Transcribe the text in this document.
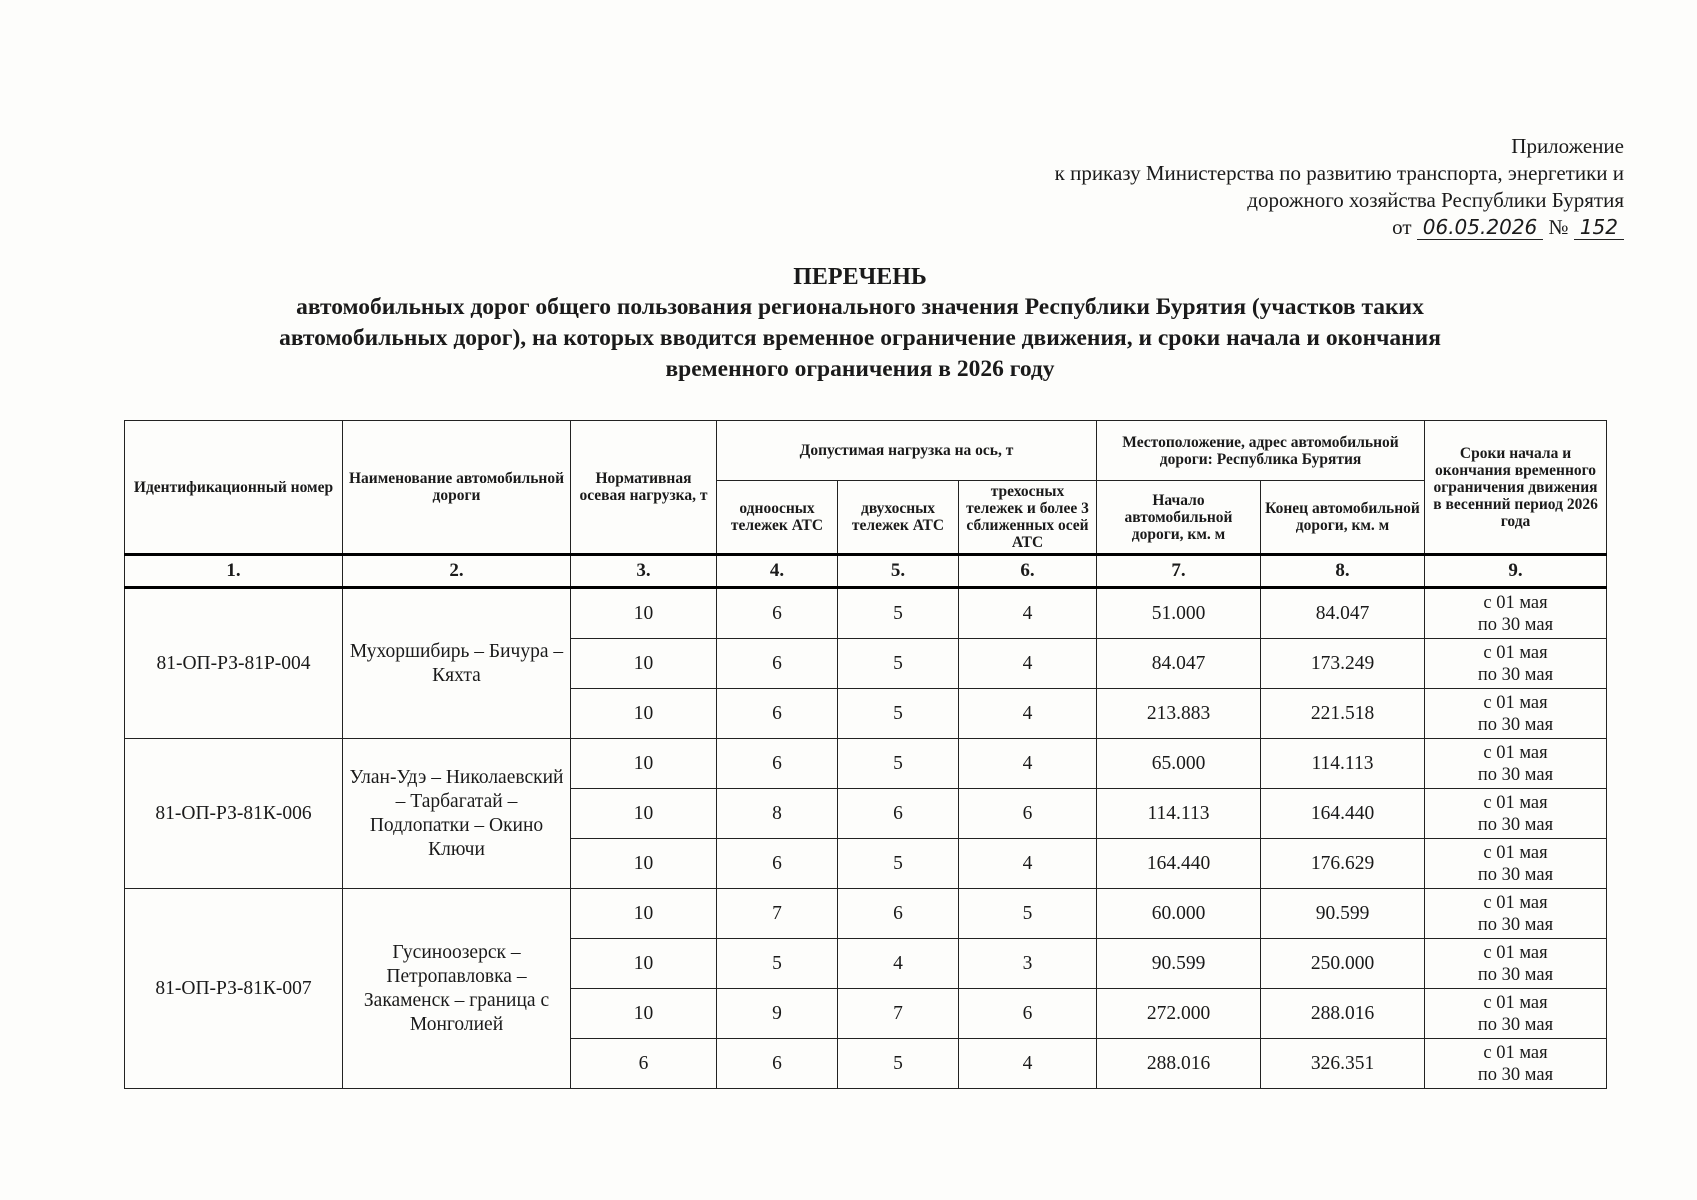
Приложение
к приказу Министерства по развитию транспорта, энергетики и
дорожного хозяйства Республики Бурятия
от 06.05.2026 № 152
ПЕРЕЧЕНЬ
автомобильных дорог общего пользования регионального значения Республики Бурятия (участков таких
автомобильных дорог), на которых вводится временное ограничение движения, и сроки начала и окончания
временного ограничения в 2026 году
Идентификационный номер	Наименование автомобильной дороги	Нормативная осевая нагрузка, т	Допустимая нагрузка на ось, т			Местоположение, адрес автомобильной дороги: Республика Бурятия		Сроки начала и окончания временного ограничения движения в весенний период 2026 года
			одноосных тележек АТС	двухосных тележек АТС	трехосных тележек и более 3 сближенных осей АТС	Начало автомобильной дороги, км. м	Конец автомобильной дороги, км. м	
1.	2.	3.	4.	5.	6.	7.	8.	9.
81-ОП-РЗ-81Р-004	Мухоршибирь – Бичура – Кяхта	10	6	5	4	51.000	84.047	с 01 мая
по 30 мая

		10	6	5	4	84.047	173.249	с 01 мая
по 30 мая

		10	6	5	4	213.883	221.518	с 01 мая
по 30 мая

81-ОП-РЗ-81К-006	Улан-Удэ – Николаевский – Тарбагатай – Подлопатки – Окино Ключи	10	6	5	4	65.000	114.113	с 01 мая
по 30 мая

		10	8	6	6	114.113	164.440	с 01 мая
по 30 мая

		10	6	5	4	164.440	176.629	с 01 мая
по 30 мая

81-ОП-РЗ-81К-007	Гусиноозерск – Петропавловка – Закаменск – граница с Монголией	10	7	6	5	60.000	90.599	с 01 мая
по 30 мая

		10	5	4	3	90.599	250.000	с 01 мая
по 30 мая

		10	9	7	6	272.000	288.016	с 01 мая
по 30 мая

		6	6	5	4	288.016	326.351	с 01 мая
по 30 мая
